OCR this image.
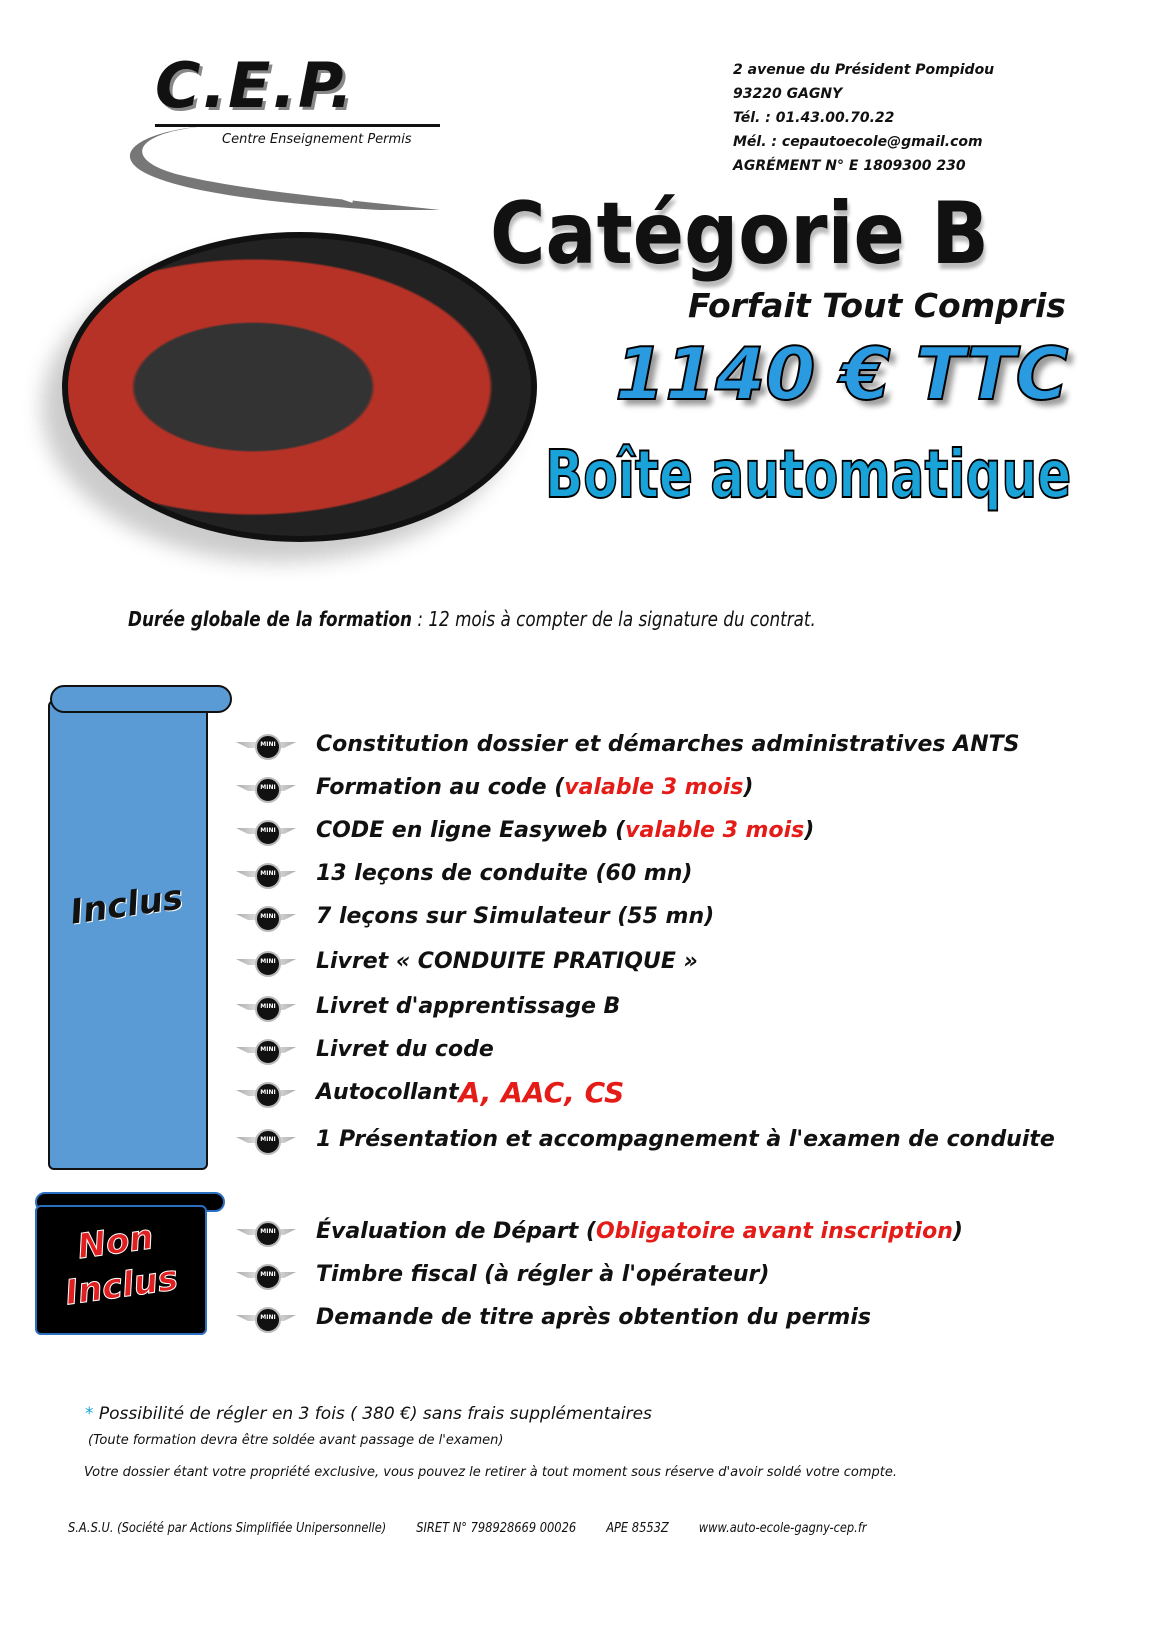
C.E.P.
Centre Enseignement Permis
2 avenue du Président Pompidou
93220 GAGNY
Tél. : 01.43.00.70.22
Mél. : cepautoecole@gmail.com
AGRÉMENT N° E 1809300 230
Catégorie B
Forfait Tout Compris
1140 € TTC
Boîte automatique
Durée globale de la formation : 12 mois à compter de la signature du contrat.
Inclus
Non
Inclus
MINI
Constitution dossier et démarches administratives ANTS
MINI
Formation au code ( valable 3 mois )
MINI
CODE en ligne Easyweb ( valable 3 mois )
MINI
13 leçons de conduite (60 mn)
MINI
7 leçons sur Simulateur (55 mn)
MINI
Livret « CONDUITE PRATIQUE »
MINI
Livret d'apprentissage B
MINI
Livret du code
MINI
Autocollant A, AAC, CS
MINI
1 Présentation et accompagnement à l'examen de conduite
MINI
Évaluation de Départ ( Obligatoire avant inscription )
MINI
Timbre fiscal (à régler à l'opérateur)
MINI
Demande de titre après obtention du permis
* Possibilité de régler en 3 fois ( 380 €) sans frais supplémentaires
(Toute formation devra être soldée avant passage de l'examen)
Votre dossier étant votre propriété exclusive, vous pouvez le retirer à tout moment sous réserve d'avoir soldé votre compte.
S.A.S.U. (Société par Actions Simplifiée Unipersonnelle) SIRET N° 798928669 00026 APE 8553Z www.auto-ecole-gagny-cep.fr
